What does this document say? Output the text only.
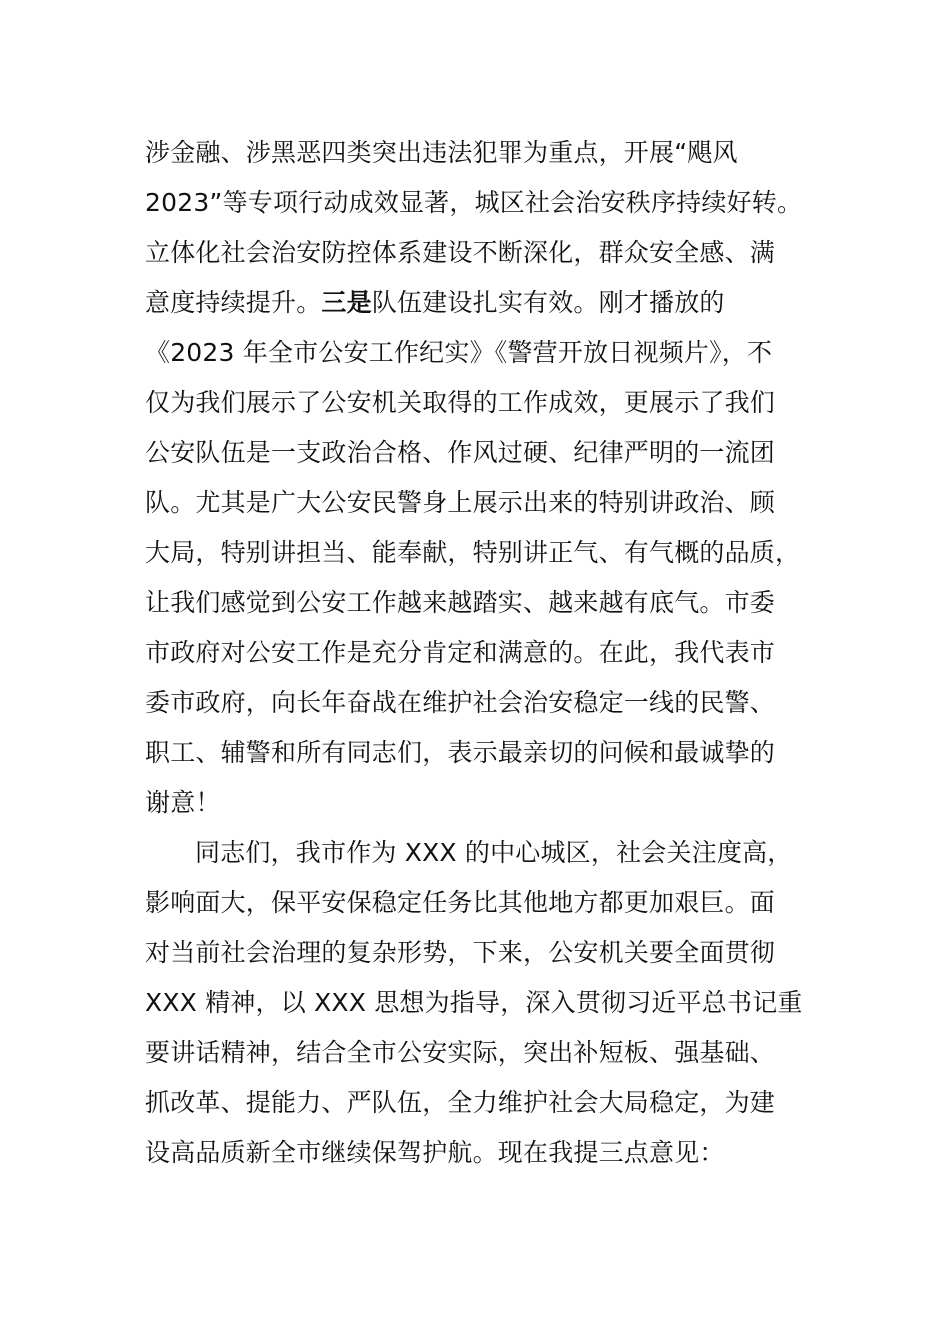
涉金融、涉黑恶四类突出违法犯罪为重点，开展“飓风
2023”等专项行动成效显著，城区社会治安秩序持续好转。
立体化社会治安防控体系建设不断深化，群众安全感、满
意度持续提升。三是队伍建设扎实有效。刚才播放的
《2023 年全市公安工作纪实》《警营开放日视频片》，不
仅为我们展示了公安机关取得的工作成效，更展示了我们
公安队伍是一支政治合格、作风过硬、纪律严明的一流团
队。尤其是广大公安民警身上展示出来的特别讲政治、顾
大局，特别讲担当、能奉献，特别讲正气、有气概的品质，
让我们感觉到公安工作越来越踏实、越来越有底气。市委
市政府对公安工作是充分肯定和满意的。在此，我代表市
委市政府，向长年奋战在维护社会治安稳定一线的民警、
职工、辅警和所有同志们，表示最亲切的问候和最诚挚的
谢意！
同志们，我市作为 XXX 的中心城区，社会关注度高，
影响面大，保平安保稳定任务比其他地方都更加艰巨。面
对当前社会治理的复杂形势，下来，公安机关要全面贯彻
XXX 精神，以 XXX 思想为指导，深入贯彻习近平总书记重
要讲话精神，结合全市公安实际，突出补短板、强基础、
抓改革、提能力、严队伍，全力维护社会大局稳定，为建
设高品质新全市继续保驾护航。现在我提三点意见：
